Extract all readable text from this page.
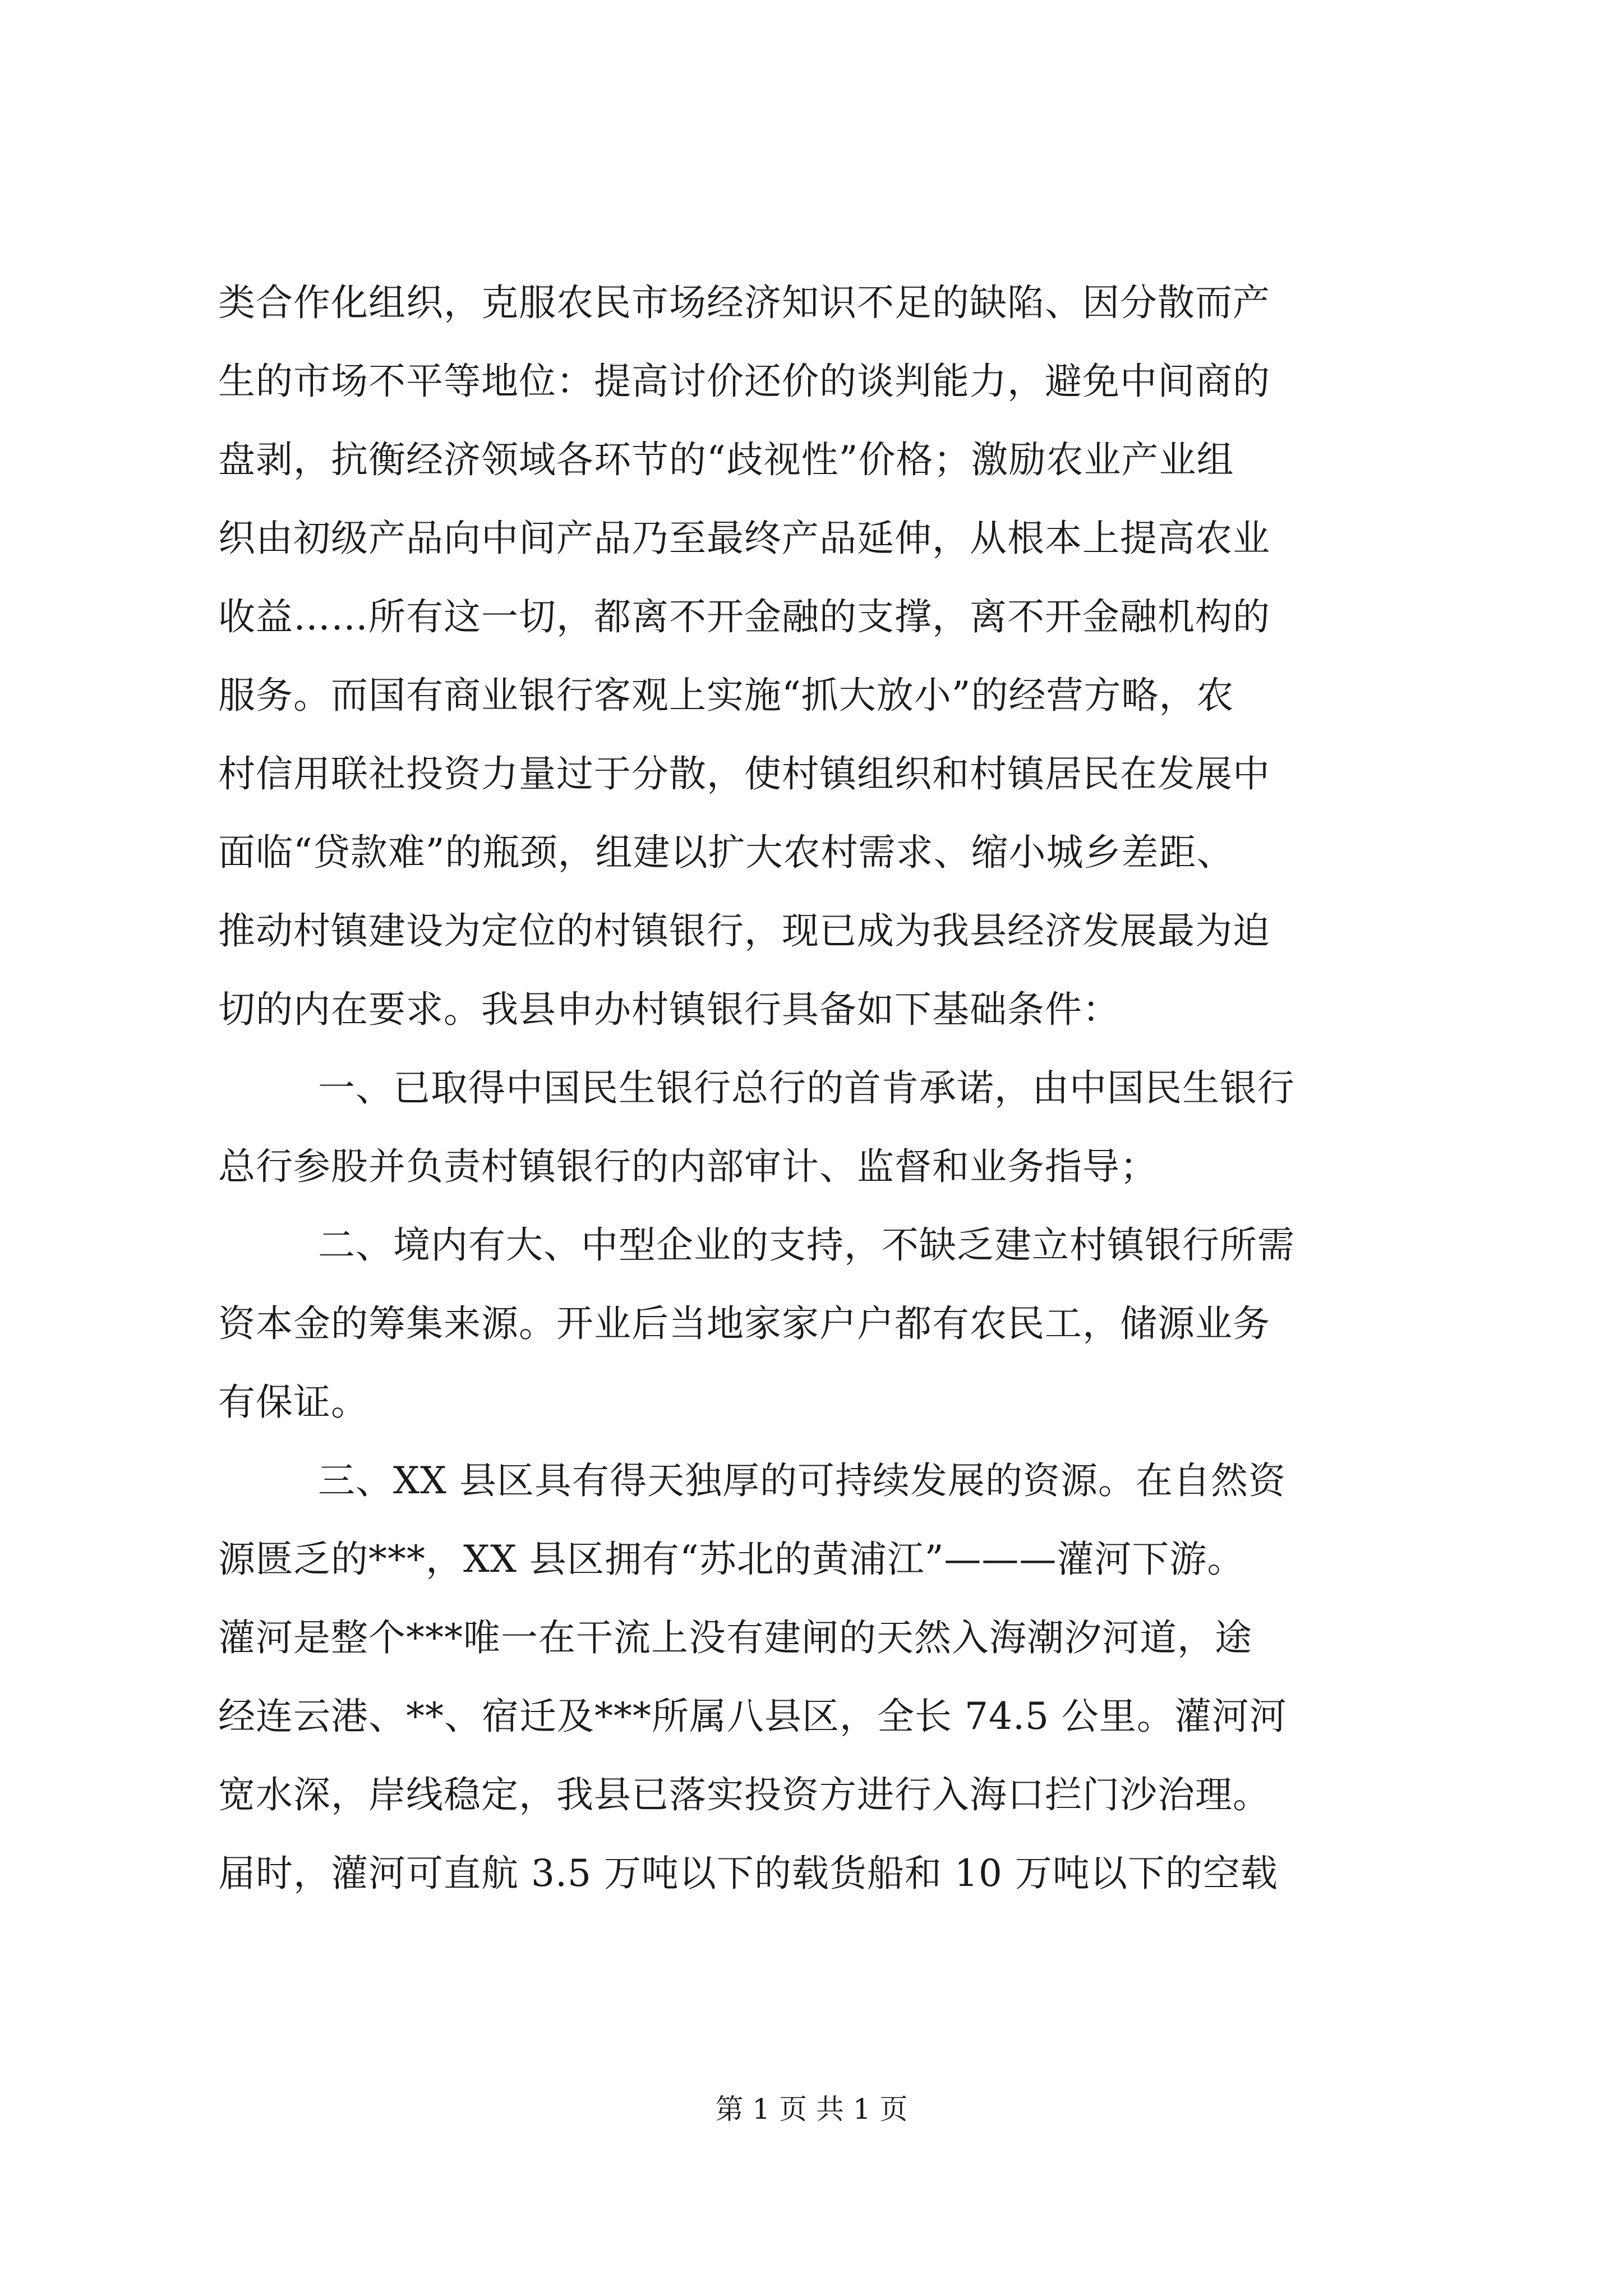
类合作化组织，克服农民市场经济知识不足的缺陷、因分散而产
生的市场不平等地位：提高讨价还价的谈判能力，避免中间商的
盘剥，抗衡经济领域各环节的“歧视性”价格；激励农业产业组
织由初级产品向中间产品乃至最终产品延伸，从根本上提高农业
收益……所有这一切，都离不开金融的支撑，离不开金融机构的
服务。而国有商业银行客观上实施“抓大放小”的经营方略，农
村信用联社投资力量过于分散，使村镇组织和村镇居民在发展中
面临“贷款难”的瓶颈，组建以扩大农村需求、缩小城乡差距、
推动村镇建设为定位的村镇银行，现已成为我县经济发展最为迫
切的内在要求。我县申办村镇银行具备如下基础条件：
一、已取得中国民生银行总行的首肯承诺，由中国民生银行
总行参股并负责村镇银行的内部审计、监督和业务指导；
二、境内有大、中型企业的支持，不缺乏建立村镇银行所需
资本金的筹集来源。开业后当地家家户户都有农民工，储源业务
有保证。
三、XX 县区具有得天独厚的可持续发展的资源。在自然资
源匮乏的***，XX 县区拥有“苏北的黄浦江”———灌河下游。
灌河是整个***唯一在干流上没有建闸的天然入海潮汐河道，途
经连云港、**、宿迁及***所属八县区，全长 74.5 公里。灌河河
宽水深，岸线稳定，我县已落实投资方进行入海口拦门沙治理。
届时，灌河可直航 3.5 万吨以下的载货船和 10 万吨以下的空载
第 1 页 共 1 页
